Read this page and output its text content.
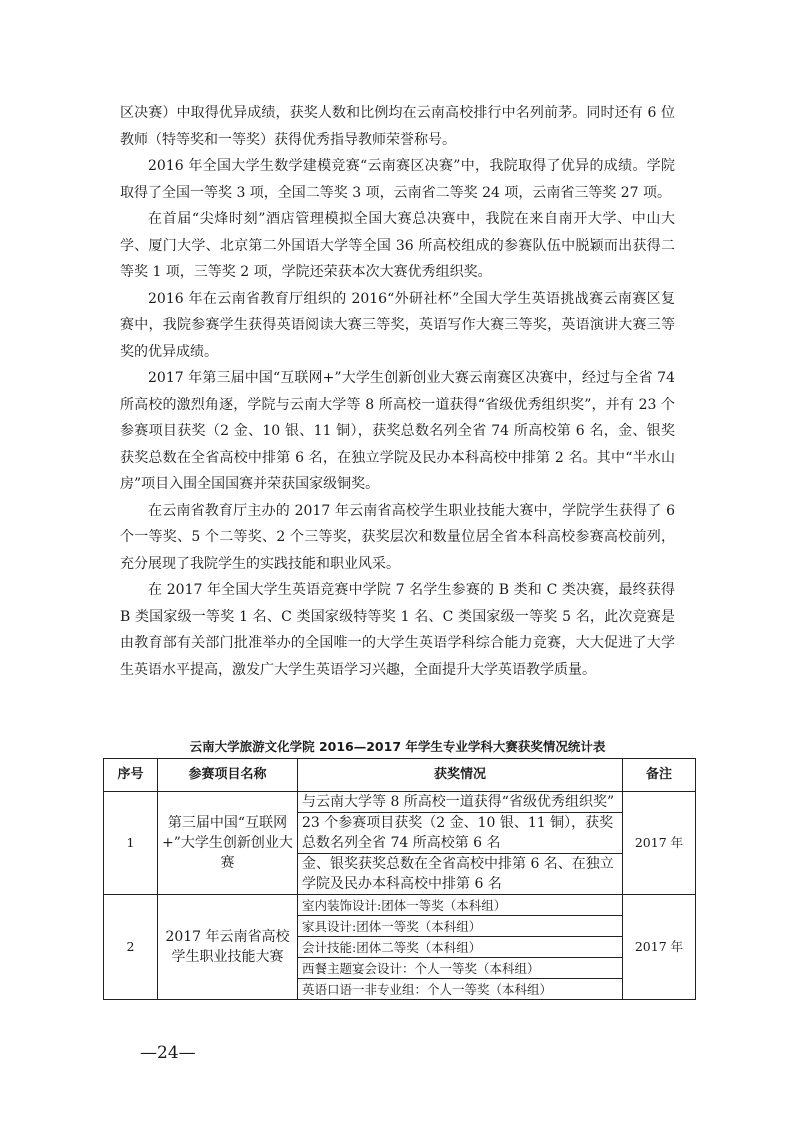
区决赛）中取得优异成绩，获奖人数和比例均在云南高校排行中名列前茅。同时还有 6 位教师（特等奖和一等奖）获得优秀指导教师荣誉称号。

2016 年全国大学生数学建模竞赛“云南赛区决赛”中，我院取得了优异的成绩。学院取得了全国一等奖 3 项，全国二等奖 3 项，云南省二等奖 24 项，云南省三等奖 27 项。

在首届“尖烽时刻”酒店管理模拟全国大赛总决赛中，我院在来自南开大学、中山大学、厦门大学、北京第二外国语大学等全国 36 所高校组成的参赛队伍中脱颖而出获得二等奖 1 项，三等奖 2 项，学院还荣获本次大赛优秀组织奖。

2016 年在云南省教育厅组织的 2016“外研社杯”全国大学生英语挑战赛云南赛区复赛中，我院参赛学生获得英语阅读大赛三等奖，英语写作大赛三等奖，英语演讲大赛三等奖的优异成绩。

2017 年第三届中国“互联网+”大学生创新创业大赛云南赛区决赛中，经过与全省 74 所高校的激烈角逐，学院与云南大学等 8 所高校一道获得“省级优秀组织奖”，并有 23 个参赛项目获奖（2 金、10 银、11 铜），获奖总数名列全省 74 所高校第 6 名，金、银奖获奖总数在全省高校中排第 6 名，在独立学院及民办本科高校中排第 2 名。其中“半水山房”项目入围全国国赛并荣获国家级铜奖。

在云南省教育厅主办的 2017 年云南省高校学生职业技能大赛中，学院学生获得了 6 个一等奖、5 个二等奖、2 个三等奖，获奖层次和数量位居全省本科高校参赛高校前列，充分展现了我院学生的实践技能和职业风采。

在 2017 年全国大学生英语竞赛中学院 7 名学生参赛的 B 类和 C 类决赛，最终获得 B 类国家级一等奖 1 名、C 类国家级特等奖 1 名、C 类国家级一等奖 5 名，此次竞赛是由教育部有关部门批准举办的全国唯一的大学生英语学科综合能力竞赛，大大促进了大学生英语水平提高，激发广大学生英语学习兴趣，全面提升大学英语教学质量。

云南大学旅游文化学院 2016—2017 年学生专业学科大赛获奖情况统计表
序号	参赛项目名称	获奖情况	备注
1	第三届中国“互联网+”大学生创新创业大赛	与云南大学等 8 所高校一道获得“省级优秀组织奖”	2017 年
		23 个参赛项目获奖（2 金、10 银、11 铜），获奖总数名列全省 74 所高校第 6 名	
		金、银奖获奖总数在全省高校中排第 6 名、在独立学院及民办本科高校中排第 6 名	
2	2017 年云南省高校学生职业技能大赛	室内装饰设计:团体一等奖（本科组）	2017 年
		家具设计:团体一等奖（本科组）	
		会计技能:团体二等奖（本科组）	
		西餐主题宴会设计：个人一等奖（本科组）	
		英语口语一非专业组：个人一等奖（本科组）	
—24—
